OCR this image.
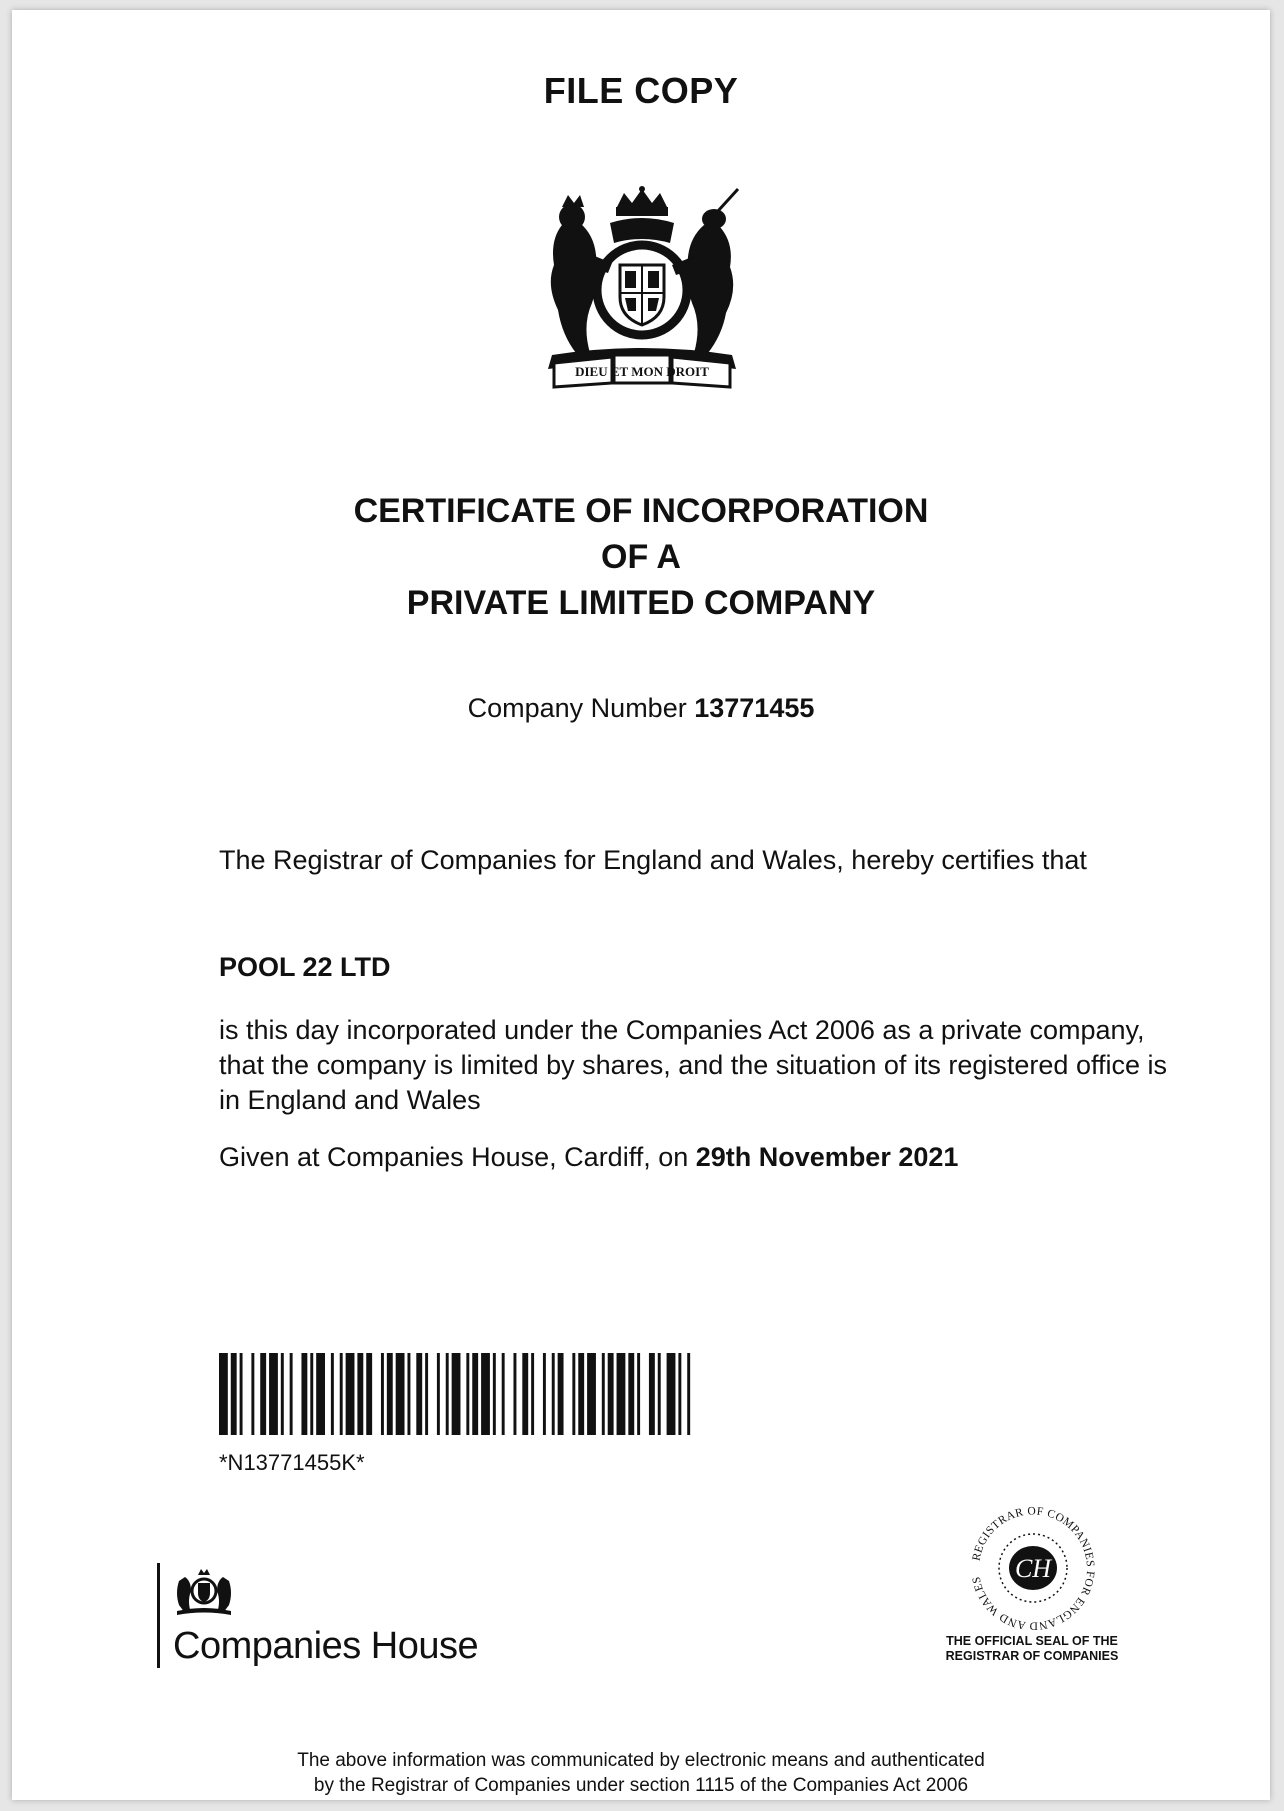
FILE COPY
DIEU ET MON DROIT
CERTIFICATE OF INCORPORATION
OF A
PRIVATE LIMITED COMPANY
Company Number 13771455
The Registrar of Companies for England and Wales, hereby certifies that
POOL 22 LTD
is this day incorporated under the Companies Act 2006 as a private company, that the company is limited by shares, and the situation of its registered office is in England and Wales
Given at Companies House, Cardiff, on 29th November 2021
*N13771455K*
Companies House
REGISTRAR OF COMPANIES FOR ENGLAND AND WALES	CH
THE OFFICIAL SEAL OF THE
REGISTRAR OF COMPANIES
The above information was communicated by electronic means and authenticated
by the Registrar of Companies under section 1115 of the Companies Act 2006
